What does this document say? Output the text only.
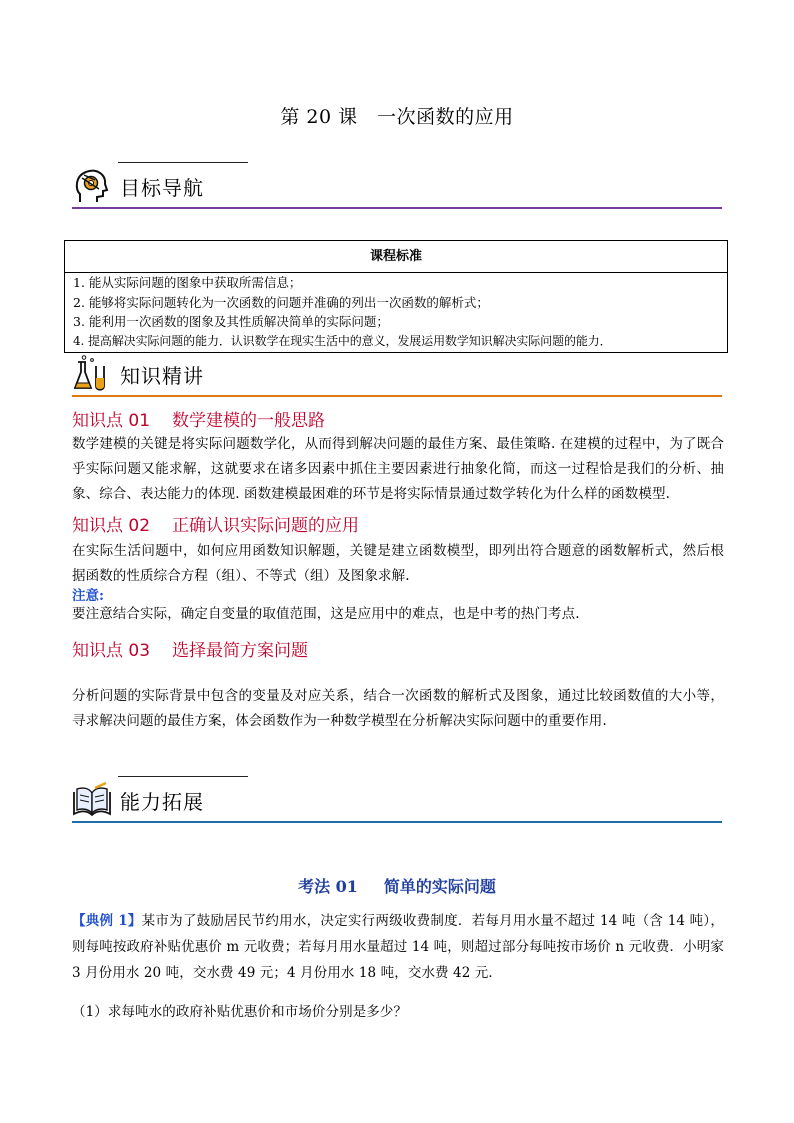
第 20 课　一次函数的应用
目标导航
课程标准
1. 能从实际问题的图象中获取所需信息；
2. 能够将实际问题转化为一次函数的问题并准确的列出一次函数的解析式；
3. 能利用一次函数的图象及其性质解决简单的实际问题；
4. 提高解决实际问题的能力．认识数学在现实生活中的意义，发展运用数学知识解决实际问题的能力．
知识精讲
知识点 01 数学建模的一般思路
数学建模的关键是将实际问题数学化，从而得到解决问题的最佳方案、最佳策略. 在建模的过程中，为了既合乎实际问题又能求解，这就要求在诸多因素中抓住主要因素进行抽象化简，而这一过程恰是我们的分析、抽象、综合、表达能力的体现. 函数建模最困难的环节是将实际情景通过数学转化为什么样的函数模型.
知识点 02 正确认识实际问题的应用
在实际生活问题中，如何应用函数知识解题，关键是建立函数模型，即列出符合题意的函数解析式，然后根据函数的性质综合方程（组）、不等式（组）及图象求解.
注意:
要注意结合实际，确定自变量的取值范围，这是应用中的难点，也是中考的热门考点.
知识点 03 选择最简方案问题
分析问题的实际背景中包含的变量及对应关系，结合一次函数的解析式及图象，通过比较函数值的大小等，寻求解决问题的最佳方案，体会函数作为一种数学模型在分析解决实际问题中的重要作用.
能力拓展
考法 01 简单的实际问题
【典例 1】某市为了鼓励居民节约用水，决定实行两级收费制度．若每月用水量不超过 14 吨（含 14 吨），则每吨按政府补贴优惠价 m 元收费；若每月用水量超过 14 吨，则超过部分每吨按市场价 n 元收费．小明家 3 月份用水 20 吨，交水费 49 元；4 月份用水 18 吨，交水费 42 元．
（1）求每吨水的政府补贴优惠价和市场价分别是多少？
